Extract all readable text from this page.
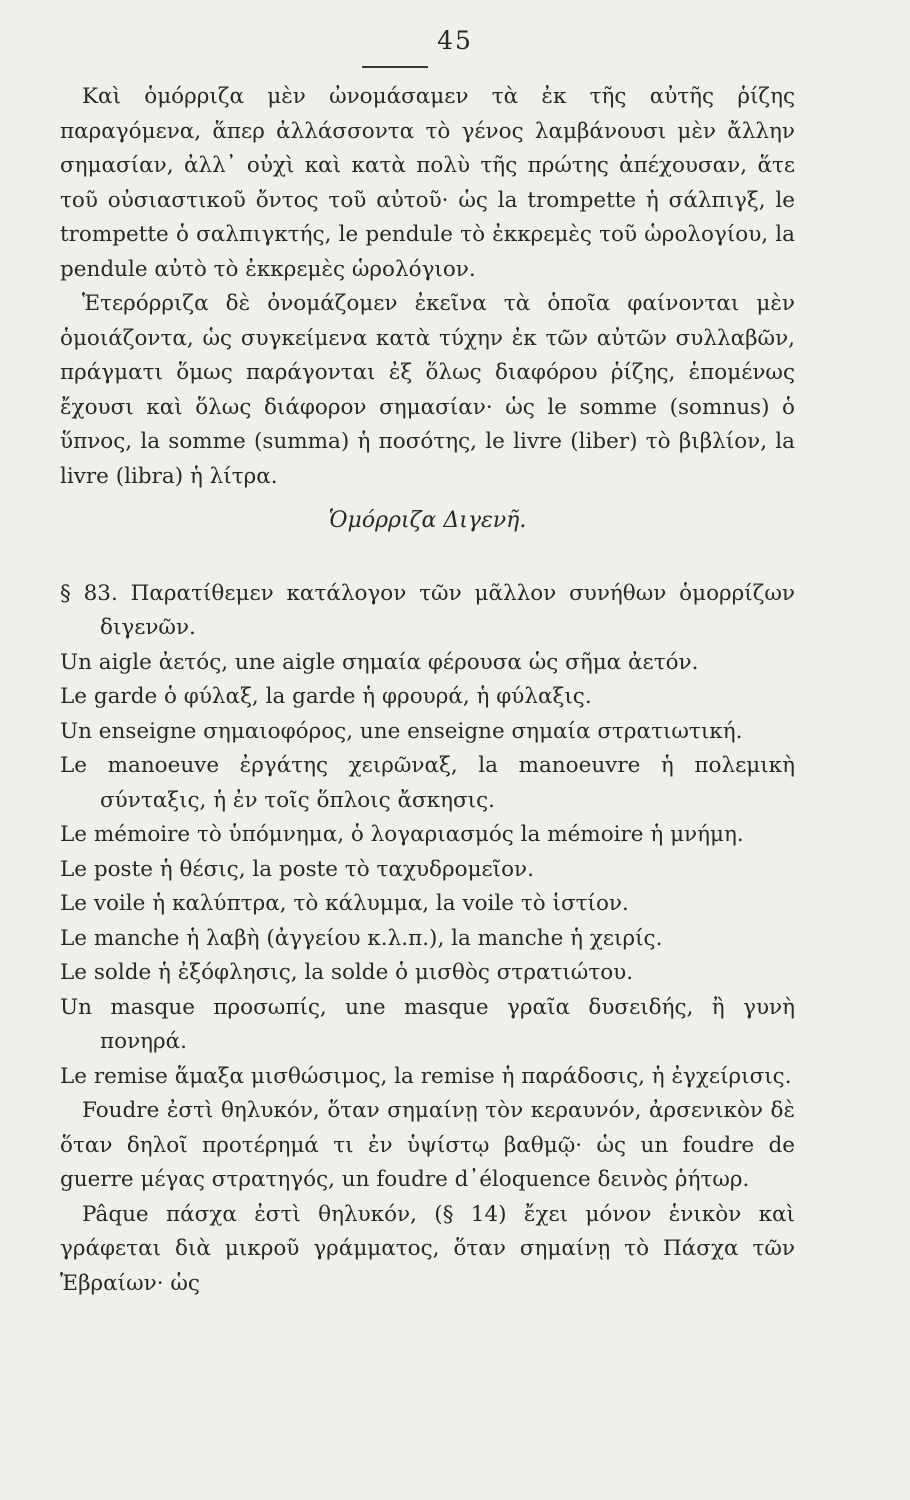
45

Καὶ ὁμόρριζα μὲν ὠνομάσαμεν τὰ ἐκ τῆς αὐτῆς ῥίζης παραγόμενα, ἅπερ ἀλλάσσοντα τὸ γένος λαμβάνουσι μὲν ἄλλην σημασίαν, ἀλλ᾿ οὐχὶ καὶ κατὰ πολὺ τῆς πρώτης ἀπέχουσαν, ἅτε τοῦ οὐσιαστικοῦ ὄντος τοῦ αὐτοῦ· ὡς la trompette ἡ σάλπιγξ, le trompette ὁ σαλπιγκτής, le pendule τὸ ἐκκρεμὲς τοῦ ὡρολογίου, la pendule αὐτὸ τὸ ἐκκρεμὲς ὡρολόγιον.

Ἑτερόρριζα δὲ ὀνομάζομεν ἐκεῖνα τὰ ὁποῖα φαίνονται μὲν ὁμοιάζοντα, ὡς συγκείμενα κατὰ τύχην ἐκ τῶν αὐτῶν συλλαβῶν, πράγματι ὅμως παράγονται ἐξ ὅλως διαφόρου ῥίζης, ἑπομένως ἔχουσι καὶ ὅλως διάφορον σημασίαν· ὡς le somme (somnus) ὁ ὕπνος, la somme (summa) ἡ ποσότης, le livre (liber) τὸ βιβλίον, la livre (libra) ἡ λίτρα.

Ὁμόρριζα Διγενῆ.

§ 83. Παρατίθεμεν κατάλογον τῶν μᾶλλον συνήθων ὁμορρίζων διγενῶν.

Un aigle ἀετός, une aigle σημαία φέρουσα ὡς σῆμα ἀετόν.

Le garde ὁ φύλαξ, la garde ἡ φρουρά, ἡ φύλαξις.

Un enseigne σημαιοφόρος, une enseigne σημαία στρατιωτική.

Le manoeuve ἐργάτης χειρῶναξ, la manoeuvre ἡ πολεμικὴ σύνταξις, ἡ ἐν τοῖς ὅπλοις ἄσκησις.

Le mémoire τὸ ὑπόμνημα, ὁ λογαριασμός la mémoire ἡ μνήμη.

Le poste ἡ θέσις, la poste τὸ ταχυδρομεῖον.

Le voile ἡ καλύπτρα, τὸ κάλυμμα, la voile τὸ ἱστίον.

Le manche ἡ λαβὴ (ἀγγείου κ.λ.π.), la manche ἡ χειρίς.

Le solde ἡ ἐξόφλησις, la solde ὁ μισθὸς στρατιώτου.

Un masque προσωπίς, une masque γραῖα δυσειδής, ἢ γυνὴ πονηρά.

Le remise ἅμαξα μισθώσιμος, la remise ἡ παράδοσις, ἡ ἐγχείρισις.

Foudre ἐστὶ θηλυκόν, ὅταν σημαίνῃ τὸν κεραυνόν, ἀρσενικὸν δὲ ὅταν δηλοῖ προτέρημά τι ἐν ὑψίστῳ βαθμῷ· ὡς un foudre de guerre μέγας στρατηγός, un foudre d᾿éloquence δεινὸς ῥήτωρ.

Pâque πάσχα ἐστὶ θηλυκόν, (§ 14) ἔχει μόνον ἑνικὸν καὶ γράφεται διὰ μικροῦ γράμματος, ὅταν σημαίνῃ τὸ Πάσχα τῶν Ἑβραίων· ὡς
